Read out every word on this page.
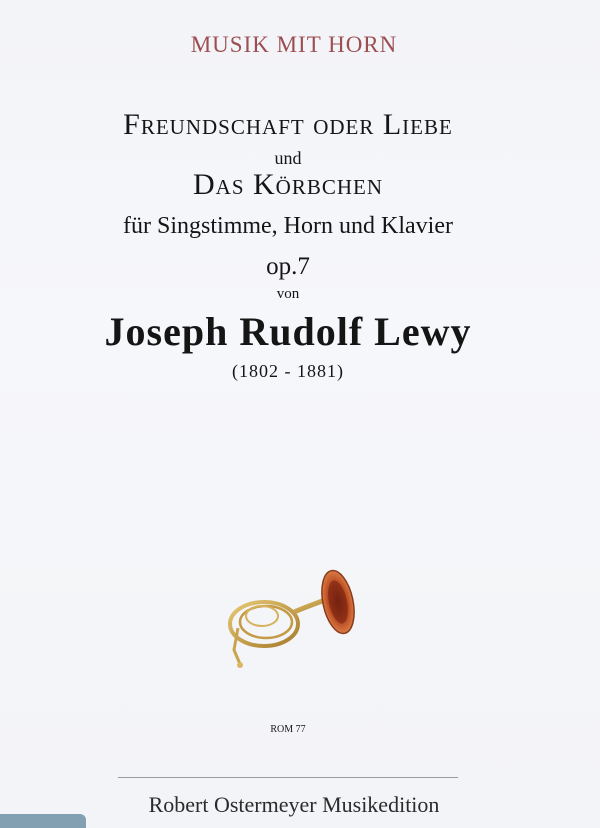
MUSIK MIT HORN
Freundschaft oder Liebe
und
Das Körbchen
für Singstimme, Horn und Klavier
op.7
von
Joseph Rudolf Lewy
(1802 - 1881)
ROM 77
Robert Ostermeyer Musikedition
